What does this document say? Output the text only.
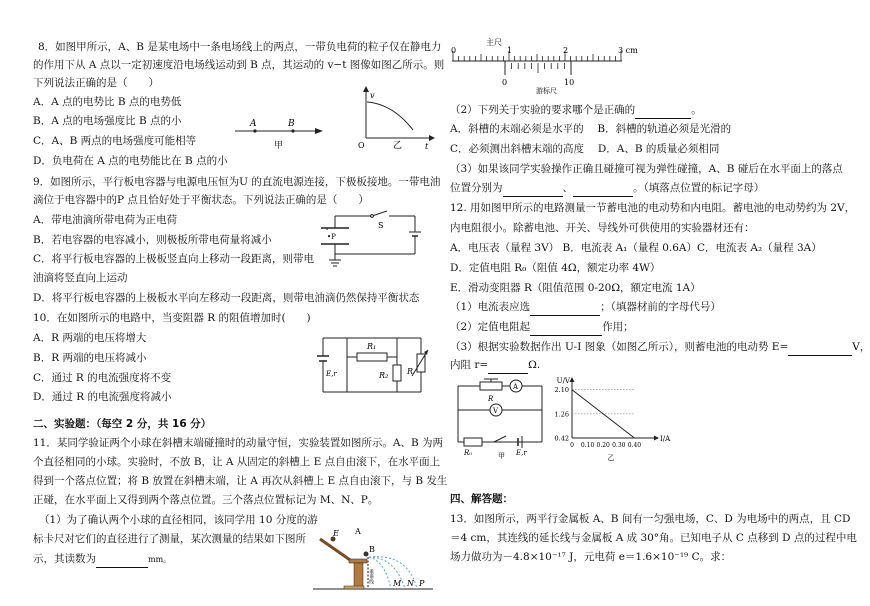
8．如图甲所示，A、B 是某电场中一条电场线上的两点，一带负电荷的粒子仅在静电力
的作用下从 A 点以一定初速度沿电场线运动到 B 点，其运动的 v−t 图像如图乙所示。则
下列说法正确的是（　　）
A．A 点的电势比 B 点的电势低
B．A 点的电场强度比 B 点的小
C．A、B 两点的电场强度可能相等
D．负电荷在 A 点的电势能比在 B 点的小
A	B
甲
v
t
O	乙
9．如图所示，平行板电容器与电源电压恒为U 的直流电源连接，下极板接地。一带电油
滴位于电容器中的P 点且恰好处于平衡状态。下列说法正确的是（　　）
A．带电油滴所带电荷为正电荷
B．若电容器的电容减小，则极板所带电荷量将减小
C．将平行板电容器的上极板竖直向上移动一段距离，则带电
油滴将竖直向上运动
D．将平行板电容器的上极板水平向左移动一段距离，则带电油滴仍然保持平衡状态
S
•P
10．在如图所示的电路中，当变阻器 R 的阻值增加时(　　)
A．R 两端的电压将增大
B．R 两端的电压将减小
C．通过 R 的电流强度将不变
D．通过 R 的电流强度将减小
R₁
R₂ R
E,r
二、实验题：（每空 2 分，共 16 分）
11．某同学验证两个小球在斜槽末端碰撞时的动量守恒，实验装置如图所示。A、B 为两
个直径相同的小球。实验时，不放 B，让 A 从固定的斜槽上 E 点自由滚下，在水平面上
得到一个落点位置；将 B 放置在斜槽末端，让 A 再次从斜槽上 E 点自由滚下，与 B 发生
正碰，在水平面上又得到两个落点位置。三个落点位置标记为 M、N、P。
（1）为了确认两个小球的直径相同，该同学用 10 分度的游
标卡尺对它们的直径进行了测量，某次测量的结果如下图所
示，其读数为	mm。
E A
B
重垂线 M N P
主尺
0	1	2	3 cm
0	10
游标尺
（2）下列关于实验的要求哪个是正确的	。
A．斜槽的末端必须是水平的　 B．斜槽的轨道必须是光滑的
C．必须测出斜槽末端的高度　 D．A、B 的质量必须相同
（3）如果该同学实验操作正确且碰撞可视为弹性碰撞，A、B 碰后在水平面上的落点
位置分别为	、	。（填落点位置的标记字母）
12. 用如图甲所示的电路测量一节蓄电池的电动势和内电阻。蓄电池的电动势约为 2V，
内电阻很小。除蓄电池、开关、导线外可供使用的实验器材还有：
A．电压表（量程 3V） B．电流表 A₁（量程 0.6A）C．电流表 A₂（量程 3A）
D．定值电阻 R₀（阻值 4Ω，额定功率 4W）
E．滑动变阻器 R（阻值范围 0-20Ω，额定电流 1A）
（1）电流表应选	；（填器材前的字母代号）
（2）定值电阻起	作用；
（3）根据实验数据作出 U-I 图象（如图乙所示），则蓄电池的电动势 E=	V，
内阻 r=	Ω.
R
A
V
R₀	E,r
甲
U/V
I/A
0.42
1.26
2.10
0 0.10 0.20 0.30 0.40
乙
四、解答题：
13．如图所示，两平行金属板 A、B 间有一匀强电场，C、D 为电场中的两点，且 CD
＝4 cm，其连线的延长线与金属板 A 成 30°角。已知电子从 C 点移到 D 点的过程中电
场力做功为－4.8×10⁻¹⁷ J，元电荷 e＝1.6×10⁻¹⁹ C。求：
